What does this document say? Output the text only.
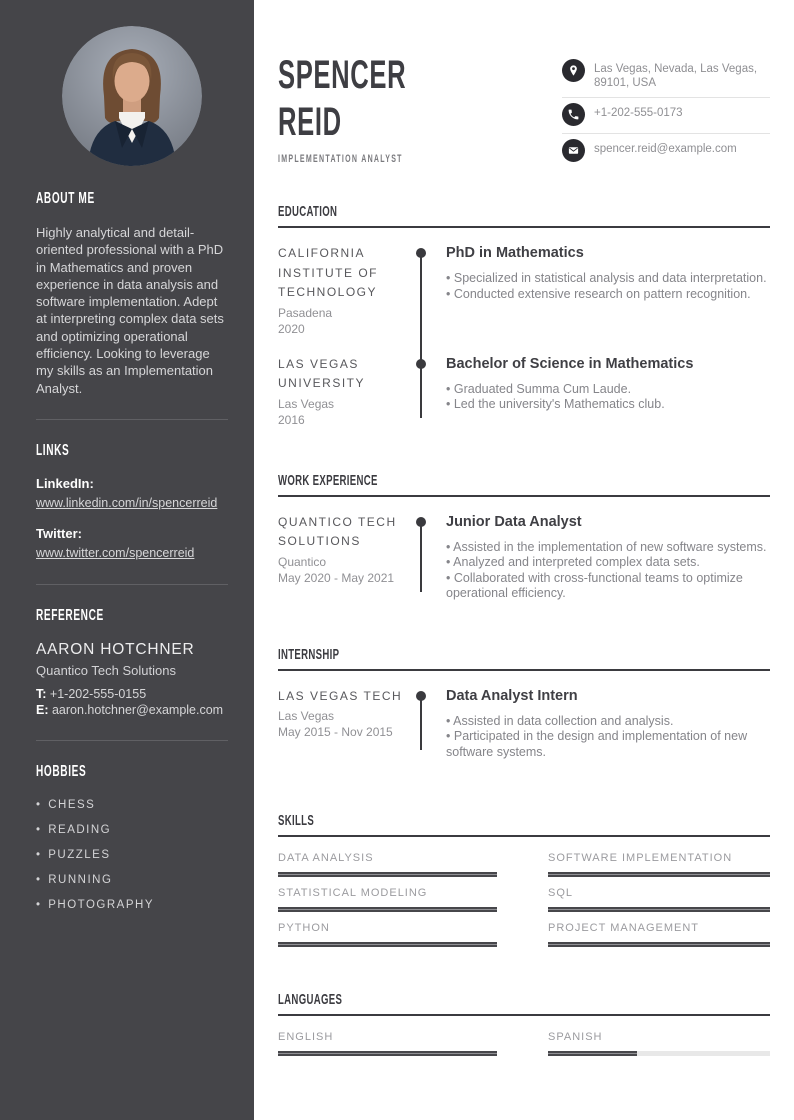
ABOUT ME

Highly analytical and detail-oriented professional with a PhD in Mathematics and proven experience in data analysis and software implementation. Adept at interpreting complex data sets and optimizing operational efficiency. Looking to leverage my skills as an Implementation Analyst.

LINKS
LinkedIn:
www.linkedin.com/in/spencerreid
Twitter:
www.twitter.com/spencerreid
REFERENCE
AARON HOTCHNER
Quantico Tech Solutions
T: +1-202-555-0155
E: aaron.hotchner@example.com
HOBBIES
• CHESS
• READING
• PUZZLES
• RUNNING
• PHOTOGRAPHY
SPENCER
REID
IMPLEMENTATION ANALYST
Las Vegas, Nevada, Las Vegas, 89101, USA
+1-202-555-0173
spencer.reid@example.com
EDUCATION
CALIFORNIA INSTITUTE OF TECHNOLOGY
Pasadena
2020
PhD in Mathematics
• Specialized in statistical analysis and data interpretation.
• Conducted extensive research on pattern recognition.
LAS VEGAS UNIVERSITY
Las Vegas
2016
Bachelor of Science in Mathematics
• Graduated Summa Cum Laude.
• Led the university's Mathematics club.
WORK EXPERIENCE
QUANTICO TECH SOLUTIONS
Quantico
May 2020 - May 2021
Junior Data Analyst
• Assisted in the implementation of new software systems.
• Analyzed and interpreted complex data sets.
• Collaborated with cross-functional teams to optimize operational efficiency.
INTERNSHIP
LAS VEGAS TECH
Las Vegas
May 2015 - Nov 2015
Data Analyst Intern
• Assisted in data collection and analysis.
• Participated in the design and implementation of new software systems.
SKILLS
DATA ANALYSIS	SOFTWARE IMPLEMENTATION
STATISTICAL MODELING	SQL
PYTHON	PROJECT MANAGEMENT
LANGUAGES
ENGLISH	SPANISH
